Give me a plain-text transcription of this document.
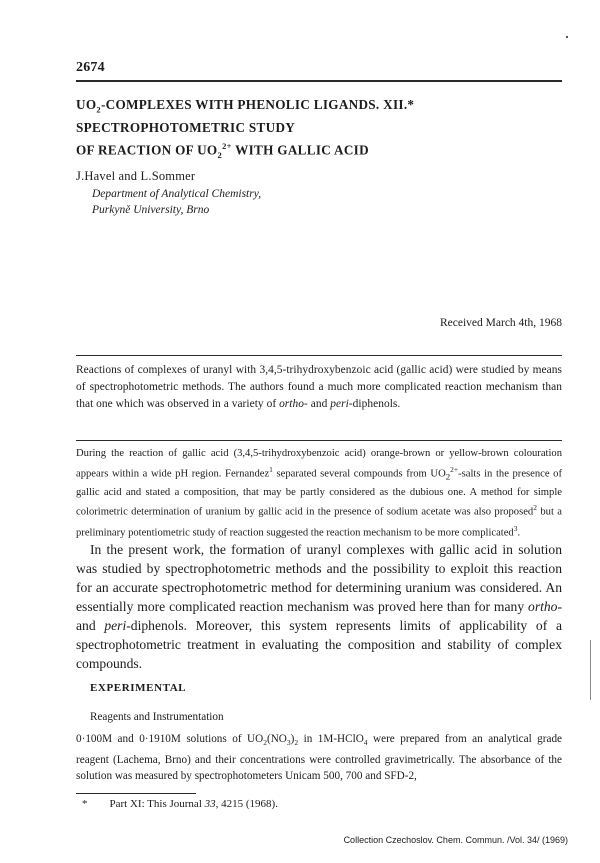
2674
$UO_2$-COMPLEXES WITH PHENOLIC LIGANDS. XII.*
SPECTROPHOTOMETRIC STUDY
OF REACTION OF $UO_2^{2+}$ WITH GALLIC ACID
J.Havel and L.Sommer
Department of Analytical Chemistry,
Purkyně University, Brno
Received March 4th, 1968
Reactions of complexes of uranyl with 3,4,5-trihydroxybenzoic acid (gallic acid) were studied by means of spectrophotometric methods. The authors found a much more complicated reaction mechanism than that one which was observed in a variety of ortho- and peri-diphenols.
During the reaction of gallic acid (3,4,5-trihydroxybenzoic acid) orange-brown or yellow-brown colouration appears within a wide pH region. Fernandez$^1$ separated several compounds from $UO_2^{2+}$-salts in the presence of gallic acid and stated a composition, that may be partly considered as the dubious one. A method for simple colorimetric determination of uranium by gallic acid in the presence of sodium acetate was also proposed$^2$ but a preliminary potentiometric study of reaction suggested the reaction mechanism to be more complicated$^3$.
In the present work, the formation of uranyl complexes with gallic acid in solution was studied by spectrophotometric methods and the possibility to exploit this reaction for an accurate spectrophotometric method for determining uranium was considered. An essentially more complicated reaction mechanism was proved here than for many ortho- and peri-diphenols. Moreover, this system represents limits of applicability of a spectrophotometric treatment in evaluating the composition and stability of complex compounds.
EXPERIMENTAL
Reagents and Instrumentation
0·100M and 0·1910M solutions of $UO_2(NO_3)_2$ in 1M-HClO$_4$ were prepared from an analytical grade reagent (Lachema, Brno) and their concentrations were controlled gravimetrically. The absorbance of the solution was measured by spectrophotometers Unicam 500, 700 and SFD-2,
* Part XI: This Journal 33, 4215 (1968).
Collection Czechoslov. Chem. Commun. /Vol. 34/ (1969)
